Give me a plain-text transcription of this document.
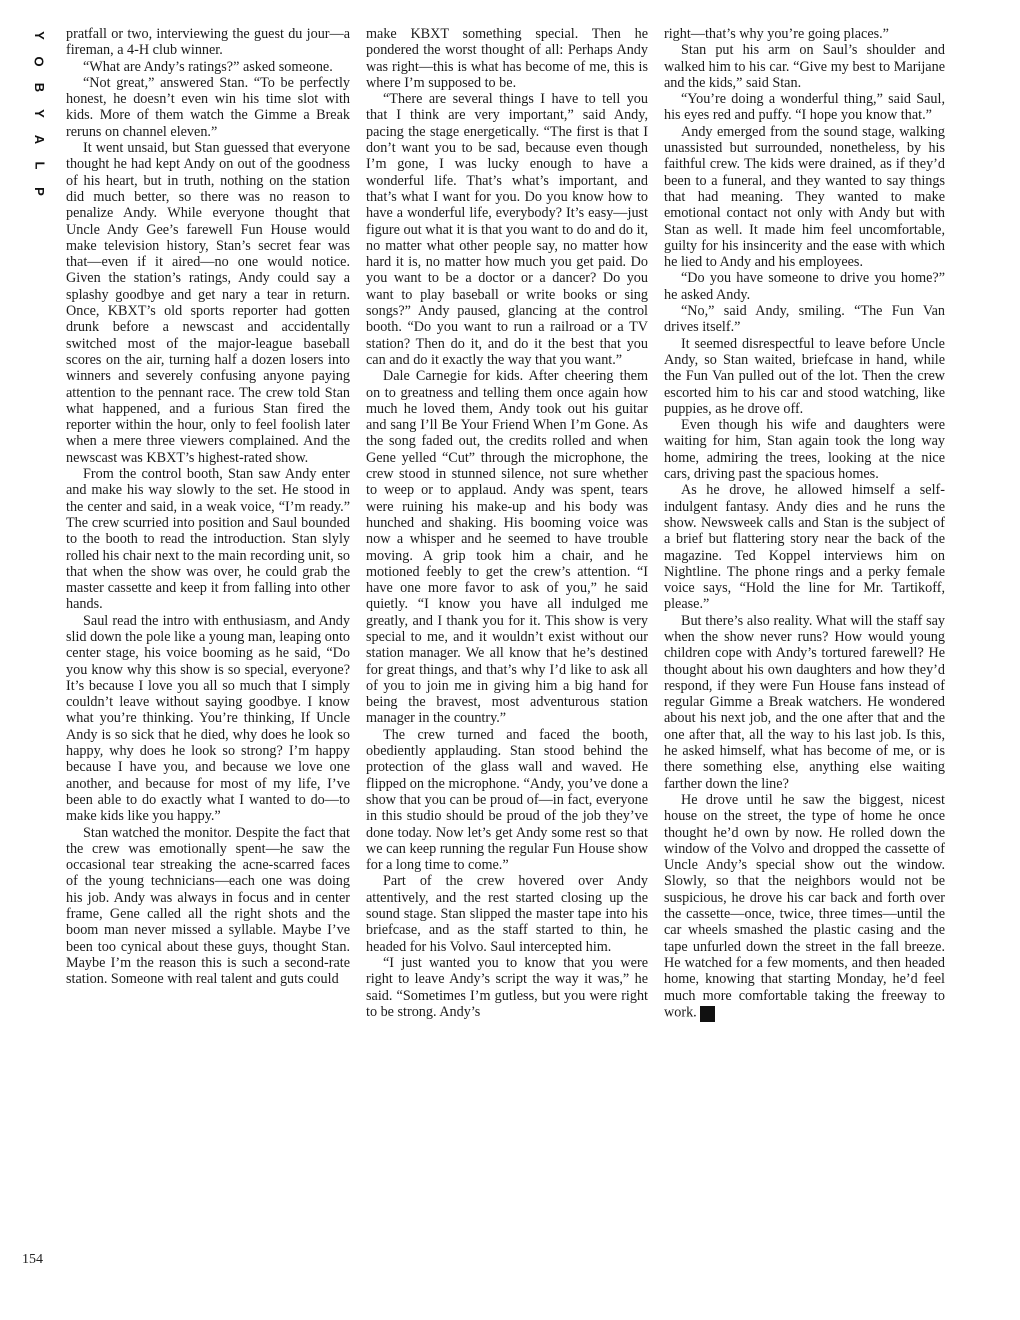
Y
O
B
Y
A
L
P

pratfall or two, interviewing the guest du jour—a fireman, a 4-H club winner.

“What are Andy’s ratings?” asked someone.

“Not great,” answered Stan. “To be perfectly honest, he doesn’t even win his time slot with kids. More of them watch the Gimme a Break reruns on channel eleven.”

It went unsaid, but Stan guessed that everyone thought he had kept Andy on out of the goodness of his heart, but in truth, nothing on the station did much better, so there was no reason to penalize Andy. While everyone thought that Uncle Andy Gee’s farewell Fun House would make television history, Stan’s secret fear was that—even if it aired—no one would notice. Given the station’s ratings, Andy could say a splashy goodbye and get nary a tear in return. Once, KBXT’s old sports reporter had gotten drunk before a newscast and accidentally switched most of the major-league baseball scores on the air, turning half a dozen losers into winners and severely confusing anyone paying attention to the pennant race. The crew told Stan what happened, and a furious Stan fired the reporter within the hour, only to feel foolish later when a mere three viewers complained. And the newscast was KBXT’s highest-rated show.

From the control booth, Stan saw Andy enter and make his way slowly to the set. He stood in the center and said, in a weak voice, “I’m ready.” The crew scurried into position and Saul bounded to the booth to read the introduction. Stan slyly rolled his chair next to the main recording unit, so that when the show was over, he could grab the master cassette and keep it from falling into other hands.

Saul read the intro with enthusiasm, and Andy slid down the pole like a young man, leaping onto center stage, his voice booming as he said, “Do you know why this show is so special, everyone? It’s because I love you all so much that I simply couldn’t leave without saying goodbye. I know what you’re thinking. You’re thinking, If Uncle Andy is so sick that he died, why does he look so happy, why does he look so strong? I’m happy because I have you, and because we love one another, and because for most of my life, I’ve been able to do exactly what I wanted to do—to make kids like you happy.”

Stan watched the monitor. Despite the fact that the crew was emotionally spent—he saw the occasional tear streaking the acne-scarred faces of the young technicians—each one was doing his job. Andy was always in focus and in center frame, Gene called all the right shots and the boom man never missed a syllable. Maybe I’ve been too cynical about these guys, thought Stan. Maybe I’m the reason this is such a second-rate station. Someone with real talent and guts could

make KBXT something special. Then he pondered the worst thought of all: Perhaps Andy was right—this is what has become of me, this is where I’m supposed to be.

“There are several things I have to tell you that I think are very important,” said Andy, pacing the stage energetically. “The first is that I don’t want you to be sad, because even though I’m gone, I was lucky enough to have a wonderful life. That’s what’s important, and that’s what I want for you. Do you know how to have a wonderful life, everybody? It’s easy—just figure out what it is that you want to do and do it, no matter what other people say, no matter how hard it is, no matter how much you get paid. Do you want to be a doctor or a dancer? Do you want to play baseball or write books or sing songs?” Andy paused, glancing at the control booth. “Do you want to run a railroad or a TV station? Then do it, and do it the best that you can and do it exactly the way that you want.”

Dale Carnegie for kids. After cheering them on to greatness and telling them once again how much he loved them, Andy took out his guitar and sang I’ll Be Your Friend When I’m Gone. As the song faded out, the credits rolled and when Gene yelled “Cut” through the microphone, the crew stood in stunned silence, not sure whether to weep or to applaud. Andy was spent, tears were ruining his make-up and his body was hunched and shaking. His booming voice was now a whisper and he seemed to have trouble moving. A grip took him a chair, and he motioned feebly to get the crew’s attention. “I have one more favor to ask of you,” he said quietly. “I know you have all indulged me greatly, and I thank you for it. This show is very special to me, and it wouldn’t exist without our station manager. We all know that he’s destined for great things, and that’s why I’d like to ask all of you to join me in giving him a big hand for being the bravest, most adventurous station manager in the country.”

The crew turned and faced the booth, obediently applauding. Stan stood behind the protection of the glass wall and waved. He flipped on the microphone. “Andy, you’ve done a show that you can be proud of—in fact, everyone in this studio should be proud of the job they’ve done today. Now let’s get Andy some rest so that we can keep running the regular Fun House show for a long time to come.”

Part of the crew hovered over Andy attentively, and the rest started closing up the sound stage. Stan slipped the master tape into his briefcase, and as the staff started to thin, he headed for his Volvo. Saul intercepted him.

“I just wanted you to know that you were right to leave Andy’s script the way it was,” he said. “Sometimes I’m gutless, but you were right to be strong. Andy’s

right—that’s why you’re going places.”

Stan put his arm on Saul’s shoulder and walked him to his car. “Give my best to Marijane and the kids,” said Stan.

“You’re doing a wonderful thing,” said Saul, his eyes red and puffy. “I hope you know that.”

Andy emerged from the sound stage, walking unassisted but surrounded, nonetheless, by his faithful crew. The kids were drained, as if they’d been to a funeral, and they wanted to say things that had meaning. They wanted to make emotional contact not only with Andy but with Stan as well. It made him feel uncomfortable, guilty for his insincerity and the ease with which he lied to Andy and his employees.

“Do you have someone to drive you home?” he asked Andy.

“No,” said Andy, smiling. “The Fun Van drives itself.”

It seemed disrespectful to leave before Uncle Andy, so Stan waited, briefcase in hand, while the Fun Van pulled out of the lot. Then the crew escorted him to his car and stood watching, like puppies, as he drove off.

Even though his wife and daughters were waiting for him, Stan again took the long way home, admiring the trees, looking at the nice cars, driving past the spacious homes.

As he drove, he allowed himself a self-indulgent fantasy. Andy dies and he runs the show. Newsweek calls and Stan is the subject of a brief but flattering story near the back of the magazine. Ted Koppel interviews him on Nightline. The phone rings and a perky female voice says, “Hold the line for Mr. Tartikoff, please.”

But there’s also reality. What will the staff say when the show never runs? How would young children cope with Andy’s tortured farewell? He thought about his own daughters and how they’d respond, if they were Fun House fans instead of regular Gimme a Break watchers. He wondered about his next job, and the one after that and the one after that, all the way to his last job. Is this, he asked himself, what has become of me, or is there something else, anything else waiting farther down the line?

He drove until he saw the biggest, nicest house on the street, the type of home he once thought he’d own by now. He rolled down the window of the Volvo and dropped the cassette of Uncle Andy’s special show out the window. Slowly, so that the neighbors would not be suspicious, he drove his car back and forth over the cassette—once, twice, three times—until the car wheels smashed the plastic casing and the tape unfurled down the street in the fall breeze. He watched for a few moments, and then headed home, knowing that starting Monday, he’d feel much more comfortable taking the freeway to work. ♞

154
